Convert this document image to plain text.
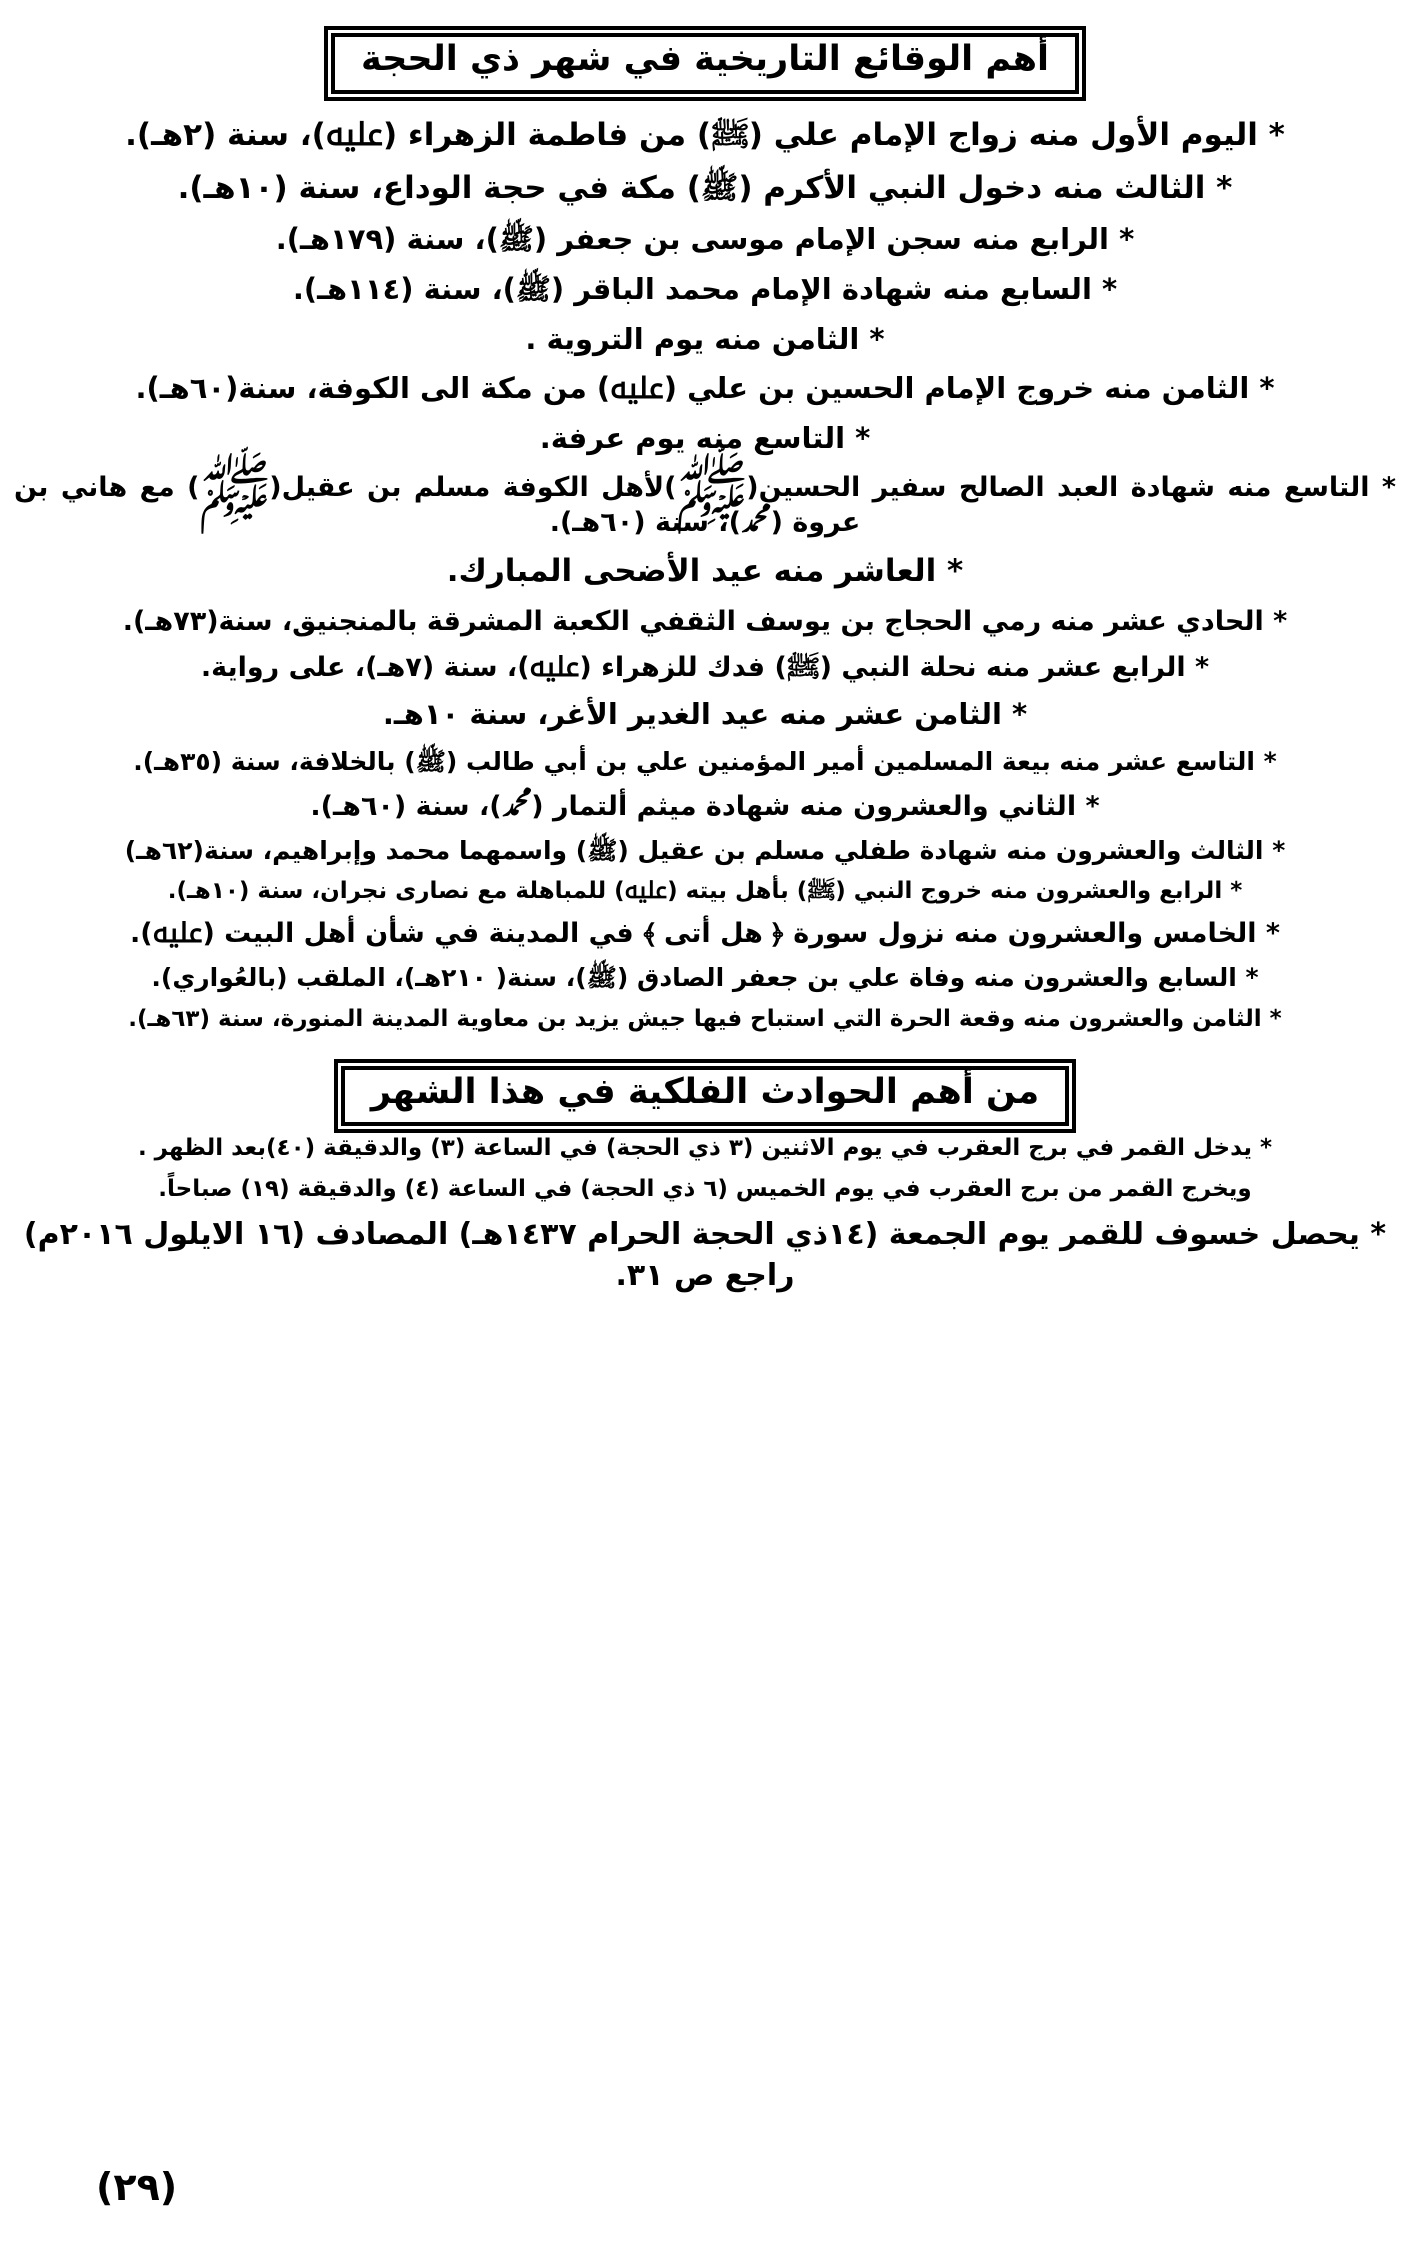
أهم الوقائع التاريخية في شهر ذي الحجة
* اليوم الأول منه زواج الإمام علي (ﷺ) من فاطمة الزهراء (ﷷ)، سنة (٢هـ).
* الثالث منه دخول النبي الأكرم (ﷺ) مكة في حجة الوداع، سنة (١٠هـ).
* الرابع منه سجن الإمام موسى بن جعفر (ﷺ)، سنة (١٧٩هـ).
* السابع منه شهادة الإمام محمد الباقر (ﷺ)، سنة (١١٤هـ).
* الثامن منه يوم التروية .
* الثامن منه خروج الإمام الحسين بن علي (ﷷ) من مكة الى الكوفة، سنة(٦٠هـ).
* التاسع منه يوم عرفة.
* التاسع منه شهادة العبد الصالح سفير الحسين(ﷺ)لأهل الكوفة مسلم بن عقيل(ﷺ) مع هاني بن عروة (ﷴ)، سنة (٦٠هـ).
* العاشر منه عيد الأضحى المبارك.
* الحادي عشر منه رمي الحجاج بن يوسف الثقفي الكعبة المشرقة بالمنجنيق، سنة(٧٣هـ).
* الرابع عشر منه نحلة النبي (ﷺ) فدك للزهراء (ﷷ)، سنة (٧هـ)، على رواية.
* الثامن عشر منه عيد الغدير الأغر، سنة ١٠هـ.
* التاسع عشر منه بيعة المسلمين أمير المؤمنين علي بن أبي طالب (ﷺ) بالخلافة، سنة (٣٥هـ).
* الثاني والعشرون منه شهادة ميثم ألتمار (ﷴ)، سنة (٦٠هـ).
* الثالث والعشرون منه شهادة طفلي مسلم بن عقيل (ﷺ) واسمهما محمد وإبراهيم، سنة(٦٢هـ)
* الرابع والعشرون منه خروج النبي (ﷺ) بأهل بيته (ﷷ) للمباهلة مع نصارى نجران، سنة (١٠هـ).
* الخامس والعشرون منه نزول سورة ﴿ هل أتى ﴾ في المدينة في شأن أهل البيت (ﷷ).
* السابع والعشرون منه وفاة علي بن جعفر الصادق (ﷺ)، سنة( ٢١٠هـ)، الملقب (بالعُواري).
* الثامن والعشرون منه وقعة الحرة التي استباح فيها جيش يزيد بن معاوية المدينة المنورة، سنة (٦٣هـ).
من أهم الحوادث الفلكية في هذا الشهر
* يدخل القمر في برج العقرب في يوم الاثنين (٣ ذي الحجة) في الساعة (٣) والدقيقة (٤٠)بعد الظهر .
ويخرج القمر من برج العقرب في يوم الخميس (٦ ذي الحجة) في الساعة (٤) والدقيقة (١٩) صباحاً.
* يحصل خسوف للقمر يوم الجمعة (١٤ذي الحجة الحرام ١٤٣٧هـ) المصادف (١٦ الايلول ٢٠١٦م) راجع ص ٣١.
(٢٩)
